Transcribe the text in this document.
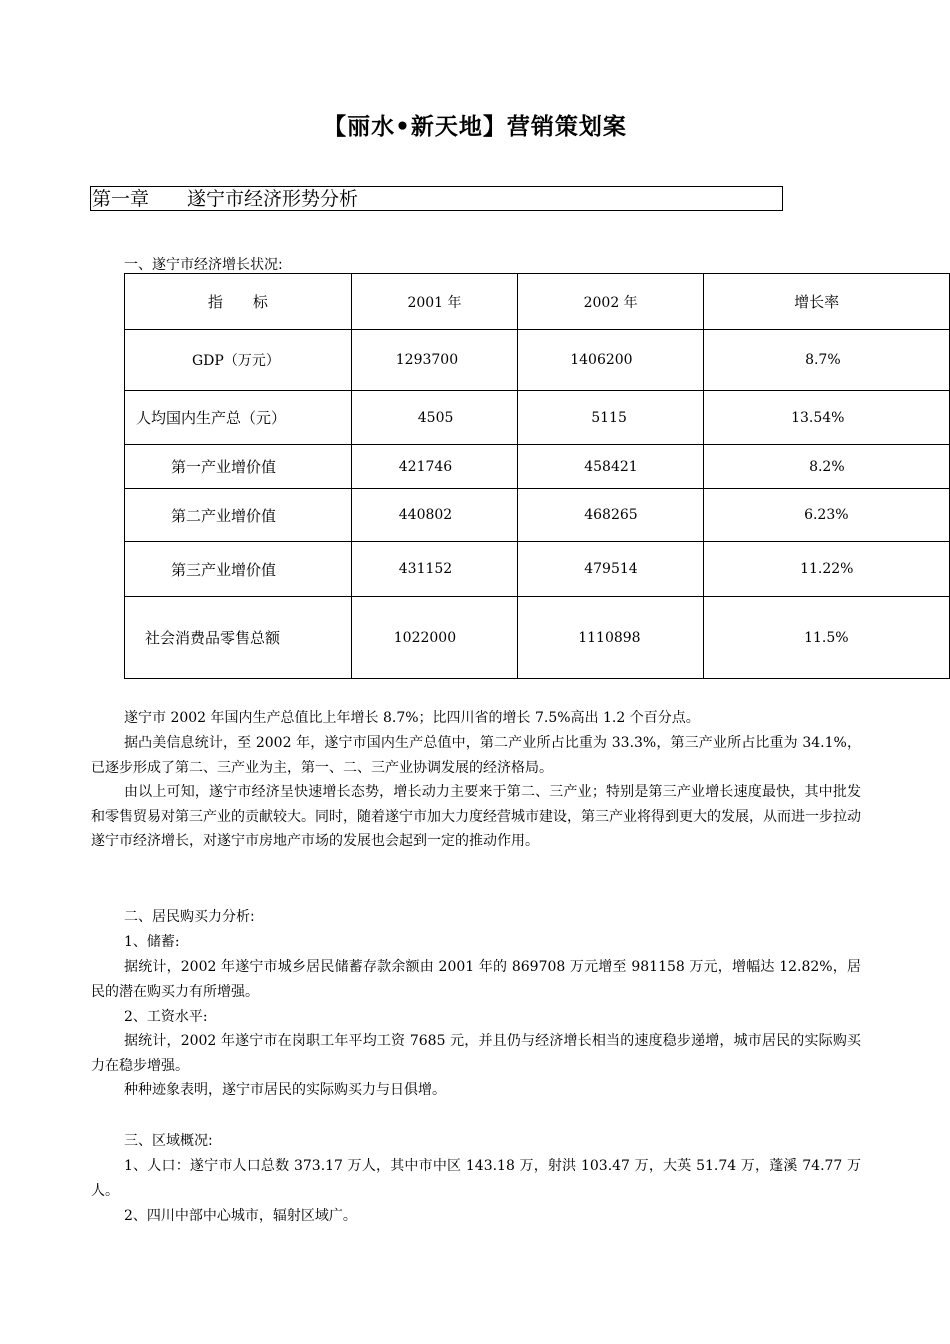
【丽水•新天地】营销策划案
第一章 遂宁市经济形势分析
一、遂宁市经济增长状况:
指　　标	2001 年	2002 年	增长率
GDP（万元）	1293700	1406200	8.7%
人均国内生产总（元）	4505	5115	13.54%
第一产业增价值	421746	458421	8.2%
第二产业增价值	440802	468265	6.23%
第三产业增价值	431152	479514	11.22%
社会消费品零售总额	1022000	1110898	11.5%
遂宁市 2002 年国内生产总值比上年增长 8.7%；比四川省的增长 7.5%高出 1.2 个百分点。
据凸美信息统计，至 2002 年，遂宁市国内生产总值中，第二产业所占比重为 33.3%，第三产业所占比重为 34.1%，已逐步形成了第二、三产业为主，第一、二、三产业协调发展的经济格局。
由以上可知，遂宁市经济呈快速增长态势，增长动力主要来于第二、三产业；特别是第三产业增长速度最快，其中批发和零售贸易对第三产业的贡献较大。同时，随着遂宁市加大力度经营城市建设，第三产业将得到更大的发展，从而进一步拉动遂宁市经济增长，对遂宁市房地产市场的发展也会起到一定的推动作用。
二、居民购买力分析:
1、储蓄:
据统计，2002 年遂宁市城乡居民储蓄存款余额由 2001 年的 869708 万元增至 981158 万元，增幅达 12.82%，居民的潜在购买力有所增强。
2、工资水平:
据统计，2002 年遂宁市在岗职工年平均工资 7685 元，并且仍与经济增长相当的速度稳步递增，城市居民的实际购买力在稳步增强。
种种迹象表明，遂宁市居民的实际购买力与日俱增。
三、区域概况:
1、人口：遂宁市人口总数 373.17 万人，其中市中区 143.18 万，射洪 103.47 万，大英 51.74 万，蓬溪 74.77 万人。
2、四川中部中心城市，辐射区域广。
